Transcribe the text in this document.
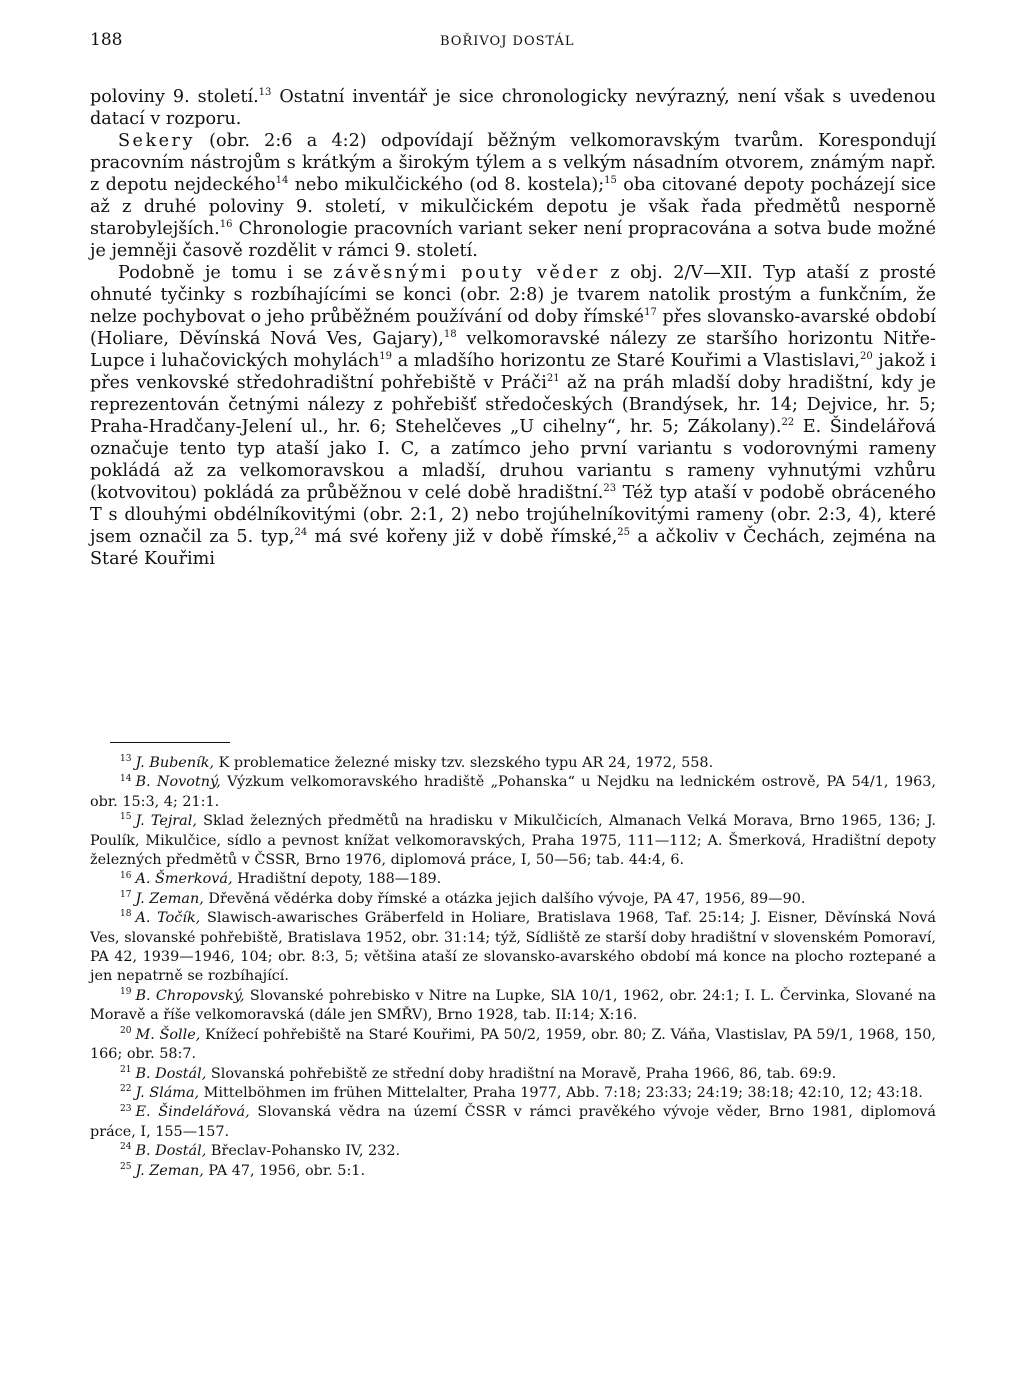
188	BOŘIVOJ DOSTÁL

poloviny 9. století.$^{13}$ Ostatní inventář je sice chronologicky nevýrazný, není však s uvedenou datací v rozporu.

Sekery (obr. 2:6 a 4:2) odpovídají běžným velkomoravským tvarům. Korespondují pracovním nástrojům s krátkým a širokým týlem a s velkým násadním otvorem, známým např. z depotu nejdeckého$^{14}$ nebo mikulčického (od 8. kostela);$^{15}$ oba citované depoty pocházejí sice až z druhé poloviny 9. století, v mikulčickém depotu je však řada předmětů nesporně starobylejších.$^{16}$ Chronologie pracovních variant seker není propracována a sotva bude možné je jemněji časově rozdělit v rámci 9. století.

Podobně je tomu i se závěsnými pouty věder z obj. 2/V—XII. Typ ataší z prosté ohnuté tyčinky s rozbíhajícími se konci (obr. 2:8) je tvarem natolik prostým a funkčním, že nelze pochybovat o jeho průběžném používání od doby římské$^{17}$ přes slovansko-avarské období (Holiare, Děvínská Nová Ves, Gajary),$^{18}$ velkomoravské nálezy ze staršího horizontu Nitře-Lupce i luhačovických mohylách$^{19}$ a mladšího horizontu ze Staré Kouřimi a Vlastislavi,$^{20}$ jakož i přes venkovské středohradištní pohřebiště v Práči$^{21}$ až na práh mladší doby hradištní, kdy je reprezentován četnými nálezy z pohřebišť středočeských (Brandýsek, hr. 14; Dejvice, hr. 5; Praha-Hradčany-Jelení ul., hr. 6; Stehelčeves „U cihelny“, hr. 5; Zákolany).$^{22}$ E. Šindelářová označuje tento typ ataší jako I. C, a zatímco jeho první variantu s vodorovnými rameny pokládá až za velkomoravskou a mladší, druhou variantu s rameny vyhnutými vzhůru (kotvovitou) pokládá za průběžnou v celé době hradištní.$^{23}$ Též typ ataší v podobě obráceného T s dlouhými obdélníkovitými (obr. 2:1, 2) nebo trojúhelníkovitými rameny (obr. 2:3, 4), které jsem označil za 5. typ,$^{24}$ má své kořeny již v době římské,$^{25}$ a ačkoliv v Čechách, zejména na Staré Kouřimi

$^{13}$ J. Bubeník, K problematice železné misky tzv. slezského typu AR 24, 1972, 558.

$^{14}$ B. Novotný, Výzkum velkomoravského hradiště „Pohanska“ u Nejdku na lednickém ostrově, PA 54/1, 1963, obr. 15:3, 4; 21:1.

$^{15}$ J. Tejral, Sklad železných předmětů na hradisku v Mikulčicích, Almanach Velká Morava, Brno 1965, 136; J. Poulík, Mikulčice, sídlo a pevnost knížat velkomoravských, Praha 1975, 111—112; A. Šmerková, Hradištní depoty železných předmětů v ČSSR, Brno 1976, diplomová práce, I, 50—56; tab. 44:4, 6.

$^{16}$ A. Šmerková, Hradištní depoty, 188—189.

$^{17}$ J. Zeman, Dřevěná vědérka doby římské a otázka jejich dalšího vývoje, PA 47, 1956, 89—90.

$^{18}$ A. Točík, Slawisch-awarisches Gräberfeld in Holiare, Bratislava 1968, Taf. 25:14; J. Eisner, Děvínská Nová Ves, slovanské pohřebiště, Bratislava 1952, obr. 31:14; týž, Sídliště ze starší doby hradištní v slovenském Pomoraví, PA 42, 1939—1946, 104; obr. 8:3, 5; většina ataší ze slovansko-avarského období má konce na plocho roztepané a jen nepatrně se rozbíhající.

$^{19}$ B. Chropovský, Slovanské pohrebisko v Nitre na Lupke, SlA 10/1, 1962, obr. 24:1; I. L. Červinka, Slované na Moravě a říše velkomoravská (dále jen SMŘV), Brno 1928, tab. II:14; X:16.

$^{20}$ M. Šolle, Knížecí pohřebiště na Staré Kouřimi, PA 50/2, 1959, obr. 80; Z. Váňa, Vlastislav, PA 59/1, 1968, 150, 166; obr. 58:7.

$^{21}$ B. Dostál, Slovanská pohřebiště ze střední doby hradištní na Moravě, Praha 1966, 86, tab. 69:9.

$^{22}$ J. Sláma, Mittelböhmen im frühen Mittelalter, Praha 1977, Abb. 7:18; 23:33; 24:19; 38:18; 42:10, 12; 43:18.

$^{23}$ E. Šindelářová, Slovanská vědra na území ČSSR v rámci pravěkého vývoje věder, Brno 1981, diplomová práce, I, 155—157.

$^{24}$ B. Dostál, Břeclav-Pohansko IV, 232.

$^{25}$ J. Zeman, PA 47, 1956, obr. 5:1.
